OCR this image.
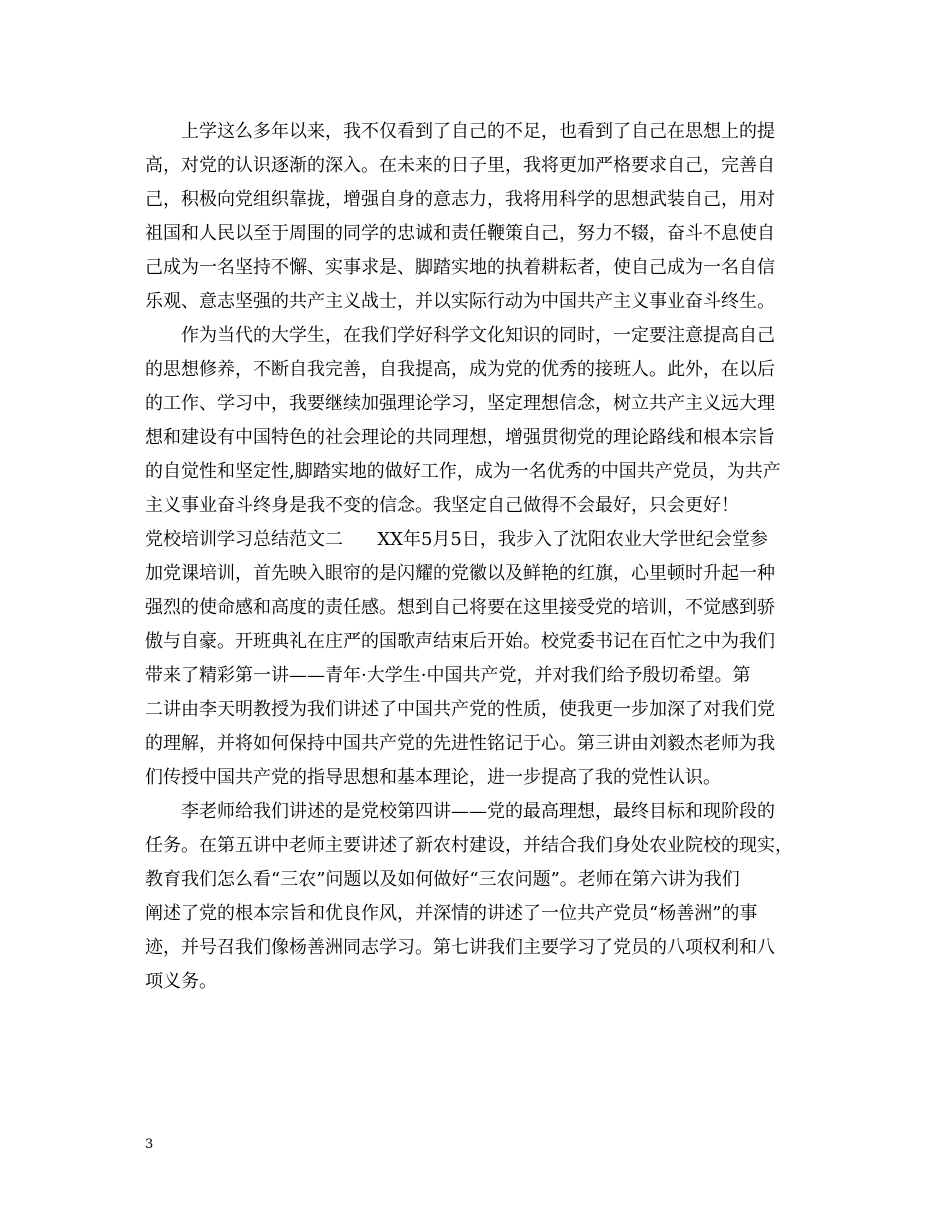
上学这么多年以来，我不仅看到了自己的不足，也看到了自己在思想上的提
高，对党的认识逐渐的深入。在未来的日子里，我将更加严格要求自己，完善自
己，积极向党组织靠拢，增强自身的意志力，我将用科学的思想武装自己，用对
祖国和人民以至于周围的同学的忠诚和责任鞭策自己，努力不辍，奋斗不息使自
己成为一名坚持不懈、实事求是、脚踏实地的执着耕耘者，使自己成为一名自信
乐观、意志坚强的共产主义战士，并以实际行动为中国共产主义事业奋斗终生。
作为当代的大学生，在我们学好科学文化知识的同时，一定要注意提高自己
的思想修养，不断自我完善，自我提高，成为党的优秀的接班人。此外，在以后
的工作、学习中，我要继续加强理论学习，坚定理想信念，树立共产主义远大理
想和建设有中国特色的社会理论的共同理想，增强贯彻党的理论路线和根本宗旨
的自觉性和坚定性,脚踏实地的做好工作，成为一名优秀的中国共产党员，为共产
主义事业奋斗终身是我不变的信念。我坚定自己做得不会最好，只会更好！
党校培训学习总结范文二      XX年5月5日，我步入了沈阳农业大学世纪会堂参
加党课培训，首先映入眼帘的是闪耀的党徽以及鲜艳的红旗，心里顿时升起一种
强烈的使命感和高度的责任感。想到自己将要在这里接受党的培训，不觉感到骄
傲与自豪。开班典礼在庄严的国歌声结束后开始。校党委书记在百忙之中为我们
带来了精彩第一讲——青年·大学生·中国共产党，并对我们给予殷切希望。第
二讲由李天明教授为我们讲述了中国共产党的性质，使我更一步加深了对我们党
的理解，并将如何保持中国共产党的先进性铭记于心。第三讲由刘毅杰老师为我
们传授中国共产党的指导思想和基本理论，进一步提高了我的党性认识。
李老师给我们讲述的是党校第四讲——党的最高理想，最终目标和现阶段的
任务。在第五讲中老师主要讲述了新农村建设，并结合我们身处农业院校的现实，
教育我们怎么看“三农”问题以及如何做好“三农问题”。老师在第六讲为我们
阐述了党的根本宗旨和优良作风，并深情的讲述了一位共产党员“杨善洲”的事
迹，并号召我们像杨善洲同志学习。第七讲我们主要学习了党员的八项权利和八
项义务。
3
